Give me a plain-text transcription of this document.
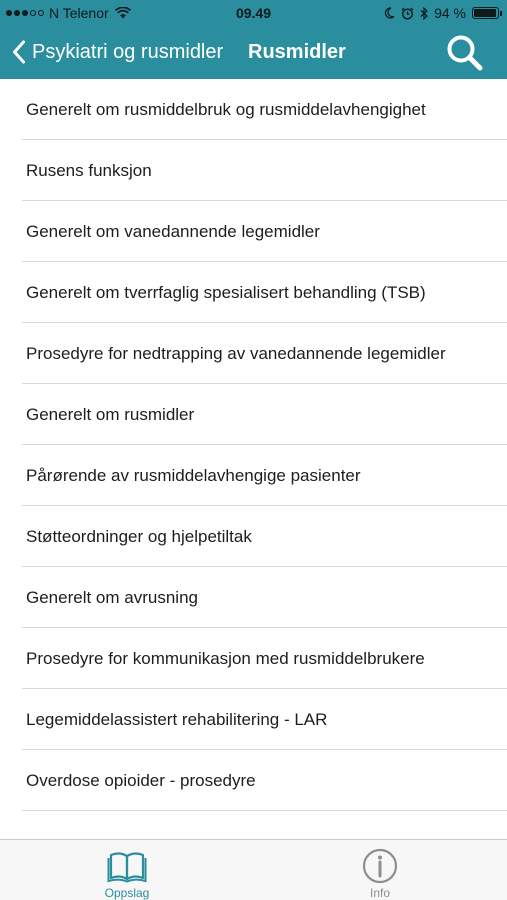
N Telenor	09.49	94 %
Psykiatri og rusmidler Rusmidler
Generelt om rusmiddelbruk og rusmiddelavhengighet
Rusens funksjon
Generelt om vanedannende legemidler
Generelt om tverrfaglig spesialisert behandling (TSB)
Prosedyre for nedtrapping av vanedannende legemidler
Generelt om rusmidler
Pårørende av rusmiddelavhengige pasienter
Støtteordninger og hjelpetiltak
Generelt om avrusning
Prosedyre for kommunikasjon med rusmiddelbrukere
Legemiddelassistert rehabilitering - LAR
Overdose opioider - prosedyre
Oppslag	Info
